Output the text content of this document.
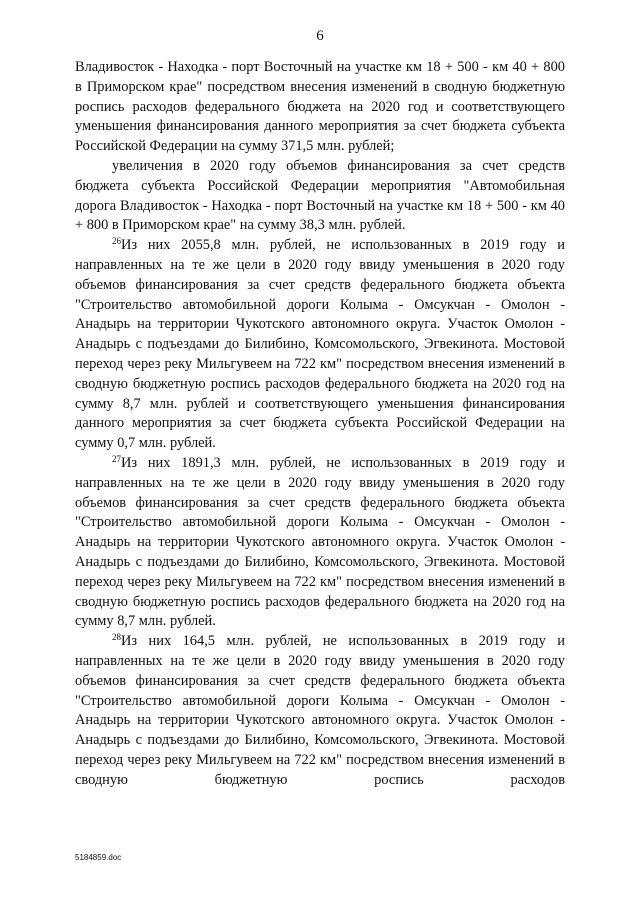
6

Владивосток - Находка - порт Восточный на участке км 18 + 500 - км 40 + 800 в Приморском крае" посредством внесения изменений в сводную бюджетную роспись расходов федерального бюджета на 2020 год и соответствующего уменьшения финансирования данного мероприятия за счет бюджета субъекта Российской Федерации на сумму 371,5 млн. рублей;

увеличения в 2020 году объемов финансирования за счет средств бюджета субъекта Российской Федерации мероприятия "Автомобильная дорога Владивосток - Находка - порт Восточный на участке км 18 + 500 - км 40 + 800 в Приморском крае" на сумму 38,3 млн. рублей.

$^{26}$Из них 2055,8 млн. рублей, не использованных в 2019 году и направленных на те же цели в 2020 году ввиду уменьшения в 2020 году объемов финансирования за счет средств федерального бюджета объекта "Строительство автомобильной дороги Колыма - Омсукчан - Омолон - Анадырь на территории Чукотского автономного округа. Участок Омолон - Анадырь с подъездами до Билибино, Комсомольского, Эгвекинота. Мостовой переход через реку Мильгувеем на 722 км" посредством внесения изменений в сводную бюджетную роспись расходов федерального бюджета на 2020 год на сумму 8,7 млн. рублей и соответствующего уменьшения финансирования данного мероприятия за счет бюджета субъекта Российской Федерации на сумму 0,7 млн. рублей.

$^{27}$Из них 1891,3 млн. рублей, не использованных в 2019 году и направленных на те же цели в 2020 году ввиду уменьшения в 2020 году объемов финансирования за счет средств федерального бюджета объекта "Строительство автомобильной дороги Колыма - Омсукчан - Омолон - Анадырь на территории Чукотского автономного округа. Участок Омолон - Анадырь с подъездами до Билибино, Комсомольского, Эгвекинота. Мостовой переход через реку Мильгувеем на 722 км" посредством внесения изменений в сводную бюджетную роспись расходов федерального бюджета на 2020 год на сумму 8,7 млн. рублей.

$^{28}$Из них 164,5 млн. рублей, не использованных в 2019 году и направленных на те же цели в 2020 году ввиду уменьшения в 2020 году объемов финансирования за счет средств федерального бюджета объекта "Строительство автомобильной дороги Колыма - Омсукчан - Омолон - Анадырь на территории Чукотского автономного округа. Участок Омолон - Анадырь с подъездами до Билибино, Комсомольского, Эгвекинота. Мостовой переход через реку Мильгувеем на 722 км" посредством внесения изменений в сводную бюджетную роспись расходов

5184859.doc
